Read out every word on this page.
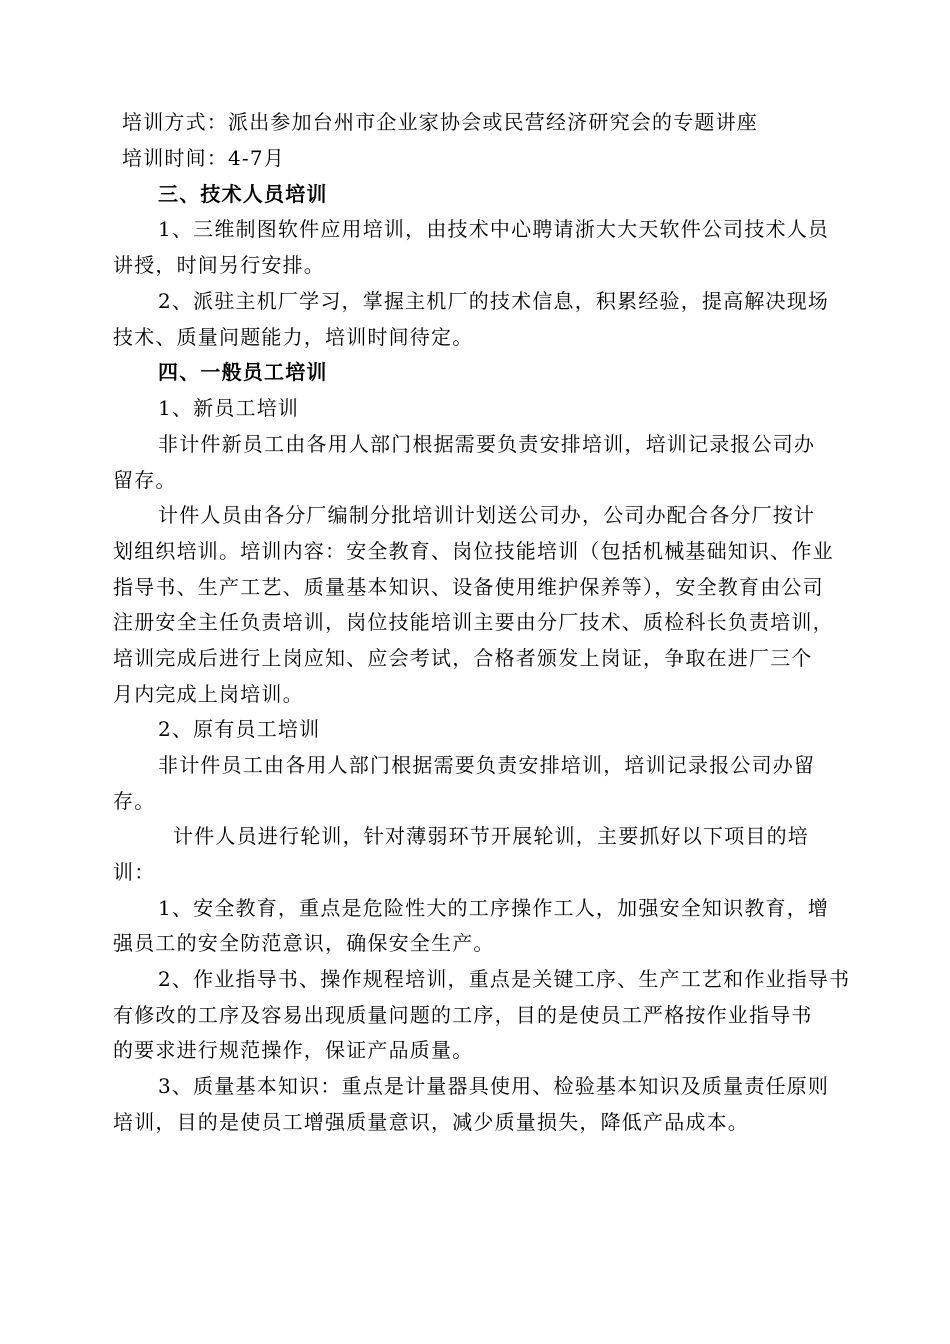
培训方式：派出参加台州市企业家协会或民营经济研究会的专题讲座
培训时间：4-7月
三、技术人员培训
1、三维制图软件应用培训，由技术中心聘请浙大大天软件公司技术人员
讲授，时间另行安排。
2、派驻主机厂学习，掌握主机厂的技术信息，积累经验，提高解决现场
技术、质量问题能力，培训时间待定。
四、一般员工培训
1、新员工培训
非计件新员工由各用人部门根据需要负责安排培训，培训记录报公司办
留存。
计件人员由各分厂编制分批培训计划送公司办，公司办配合各分厂按计
划组织培训。培训内容：安全教育、岗位技能培训（包括机械基础知识、作业
指导书、生产工艺、质量基本知识、设备使用维护保养等），安全教育由公司
注册安全主任负责培训，岗位技能培训主要由分厂技术、质检科长负责培训，
培训完成后进行上岗应知、应会考试，合格者颁发上岗证，争取在进厂三个
月内完成上岗培训。
2、原有员工培训
非计件员工由各用人部门根据需要负责安排培训，培训记录报公司办留
存。
计件人员进行轮训，针对薄弱环节开展轮训，主要抓好以下项目的培
训：
1、安全教育，重点是危险性大的工序操作工人，加强安全知识教育，增
强员工的安全防范意识，确保安全生产。
2、作业指导书、操作规程培训，重点是关键工序、生产工艺和作业指导书
有修改的工序及容易出现质量问题的工序，目的是使员工严格按作业指导书
的要求进行规范操作，保证产品质量。
3、质量基本知识：重点是计量器具使用、检验基本知识及质量责任原则
培训，目的是使员工增强质量意识，减少质量损失，降低产品成本。
